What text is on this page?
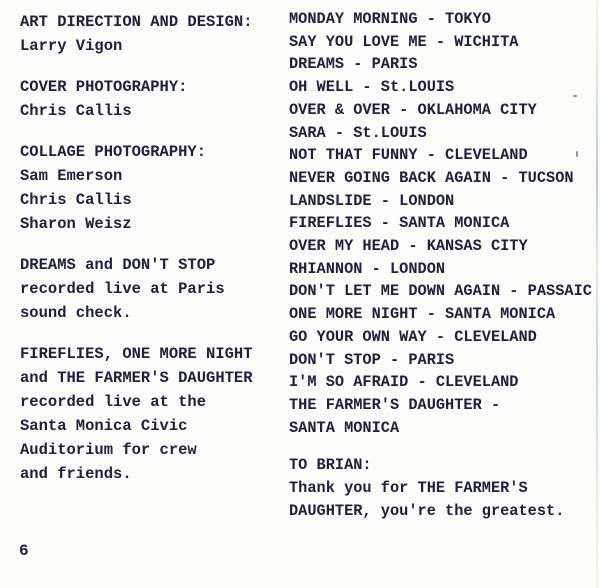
ART DIRECTION AND DESIGN:
Larry Vigon
COVER PHOTOGRAPHY:
Chris Callis
COLLAGE PHOTOGRAPHY:
Sam Emerson
Chris Callis
Sharon Weisz
DREAMS and DON'T STOP
recorded live at Paris
sound check.
FIREFLIES, ONE MORE NIGHT
and THE FARMER'S DAUGHTER
recorded live at the
Santa Monica Civic
Auditorium for crew
and friends.
MONDAY MORNING - TOKYO
SAY YOU LOVE ME - WICHITA
DREAMS - PARIS
OH WELL - St.LOUIS
OVER & OVER - OKLAHOMA CITY
SARA - St.LOUIS
NOT THAT FUNNY - CLEVELAND
NEVER GOING BACK AGAIN - TUCSON
LANDSLIDE - LONDON
FIREFLIES - SANTA MONICA
OVER MY HEAD - KANSAS CITY
RHIANNON - LONDON
DON'T LET ME DOWN AGAIN - PASSAIC
ONE MORE NIGHT - SANTA MONICA
GO YOUR OWN WAY - CLEVELAND
DON'T STOP - PARIS
I'M SO AFRAID - CLEVELAND
THE FARMER'S DAUGHTER -
SANTA MONICA
TO BRIAN:
Thank you for THE FARMER'S
DAUGHTER, you're the greatest.
6
